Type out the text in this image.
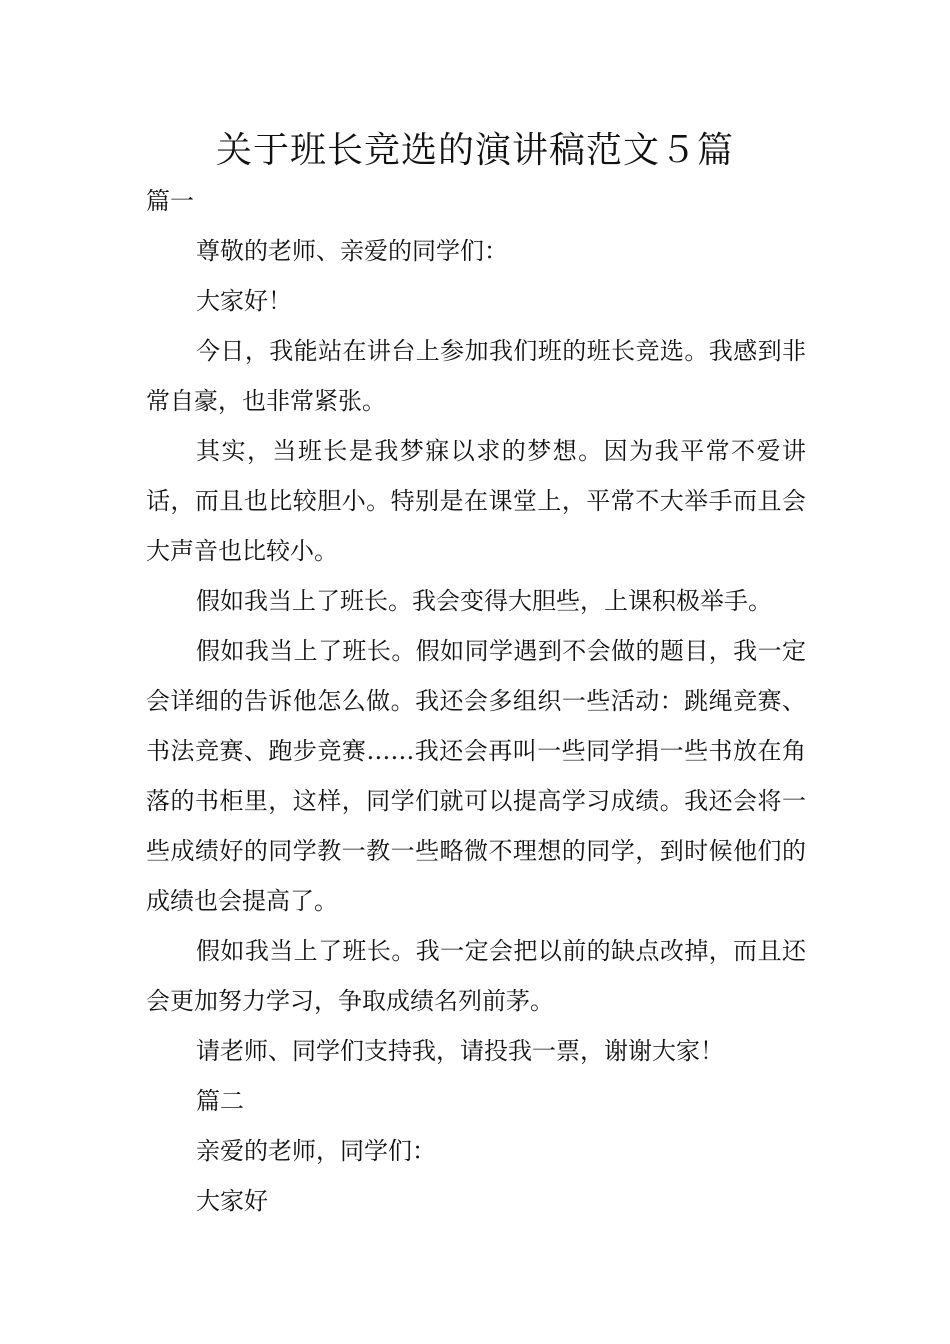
关于班长竞选的演讲稿范文５篇

篇一

尊敬的老师、亲爱的同学们：

大家好！

今日，我能站在讲台上参加我们班的班长竞选。我感到非常自豪，也非常紧张。

其实，当班长是我梦寐以求的梦想。因为我平常不爱讲话，而且也比较胆小。特别是在课堂上，平常不大举手而且会大声音也比较小。

假如我当上了班长。我会变得大胆些，上课积极举手。

假如我当上了班长。假如同学遇到不会做的题目，我一定会详细的告诉他怎么做。我还会多组织一些活动：跳绳竞赛、书法竞赛、跑步竞赛……我还会再叫一些同学捐一些书放在角落的书柜里，这样，同学们就可以提高学习成绩。我还会将一些成绩好的同学教一教一些略微不理想的同学，到时候他们的成绩也会提高了。

假如我当上了班长。我一定会把以前的缺点改掉，而且还会更加努力学习，争取成绩名列前茅。

请老师、同学们支持我，请投我一票，谢谢大家！

篇二

亲爱的老师，同学们：

大家好
